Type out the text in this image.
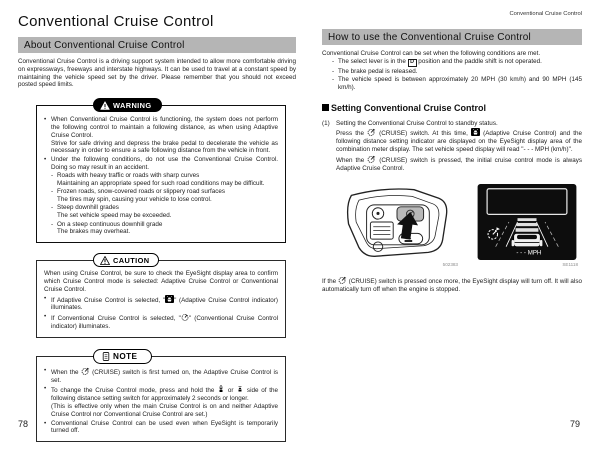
Conventional Cruise Control
About Conventional Cruise Control
Conventional Cruise Control is a driving support system intended to allow more comfortable driving on expressways, freeways and interstate highways. It can be used to travel at a constant speed by maintaining the vehicle speed set by the driver. Please remember that you should not exceed posted speed limits.
WARNING
• When Conventional Cruise Control is functioning, the system does not perform the following control to maintain a following distance, as when using Adaptive Cruise Control.
Strive for safe driving and depress the brake pedal to decelerate the vehicle as necessary in order to ensure a safe following distance from the vehicle in front.
• Under the following conditions, do not use the Conventional Cruise Control. Doing so may result in an accident.
- Roads with heavy traffic or roads with sharp curves
Maintaining an appropriate speed for such road conditions may be difficult.
- Frozen roads, snow-covered roads or slippery road surfaces
The tires may spin, causing your vehicle to lose control.
- Steep downhill grades
The set vehicle speed may be exceeded.
- On a steep continuous downhill grade
The brakes may overheat.
CAUTION
When using Cruise Control, be sure to check the EyeSight display area to confirm which Cruise Control mode is selected: Adaptive Cruise Control or Conventional Cruise Control.
• If Adaptive Cruise Control is selected, " " (Adaptive Cruise Control indicator) illuminates.
• If Conventional Cruise Control is selected, " " (Conventional Cruise Control indicator) illuminates.
NOTE
• When the  (CRUISE) switch is first turned on, the Adaptive Cruise Control is set.
• To change the Cruise Control mode, press and hold the  or  side of the following distance setting switch for approximately 2 seconds or longer.
(This is effective only when the main Cruise Control is on and neither Adaptive Cruise Control nor Conventional Cruise Control are set.)
• Conventional Cruise Control can be used even when EyeSight is temporarily turned off.
Conventional Cruise Control
How to use the Conventional Cruise Control
Conventional Cruise Control can be set when the following conditions are met.
- The select lever is in the D position and the paddle shift is not operated.
- The brake pedal is released.
- The vehicle speed is between approximately 20 MPH (30 km/h) and 90 MPH (145 km/h).
Setting Conventional Cruise Control
(1) Setting the Conventional Cruise Control to standby status.
Press the  (CRUISE) switch. At this time,  (Adaptive Cruise Control) and the following distance setting indicator are displayed on the EyeSight display area of the combination meter display. The set vehicle speed display will read "- - - MPH (km/h)".
When the  (CRUISE) switch is pressed, the initial cruise control mode is always Adaptive Cruise Control.
502383
- - - MPH
SE1118
If the  (CRUISE) switch is pressed once more, the EyeSight display will turn off. It will also automatically turn off when the engine is stopped.
78	79
